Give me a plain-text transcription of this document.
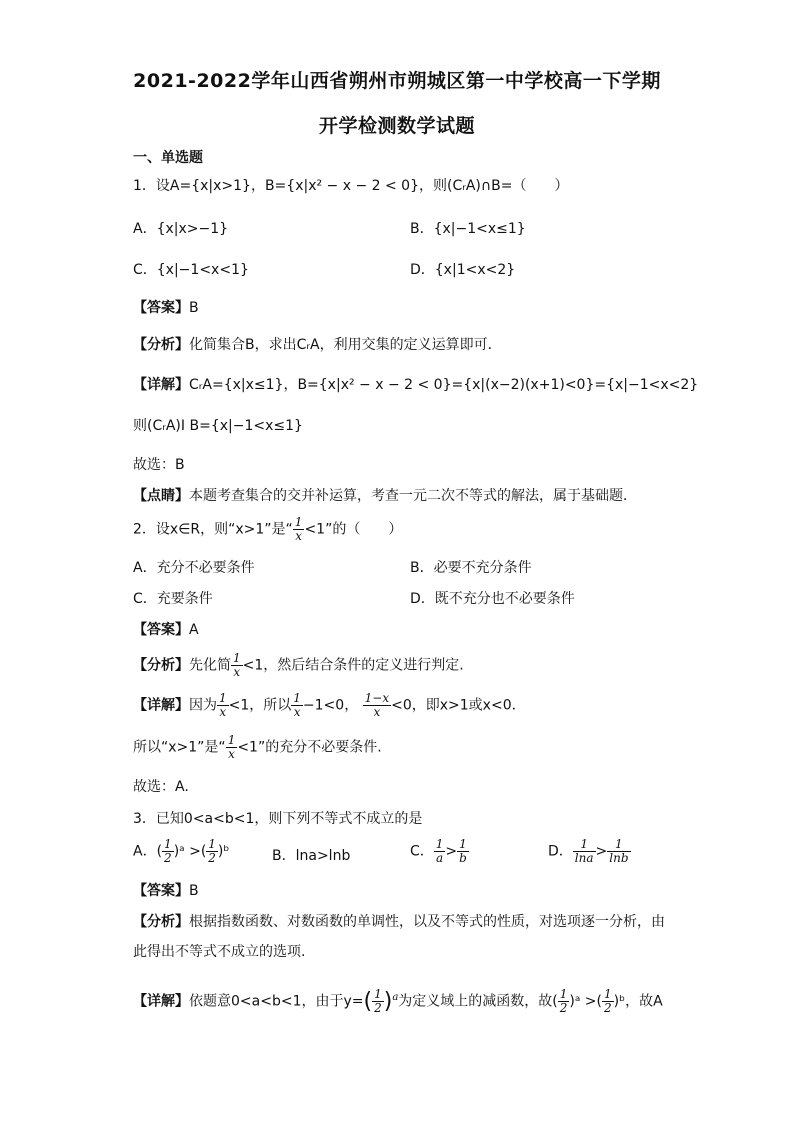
2021-2022学年山西省朔州市朔城区第一中学校高一下学期
开学检测数学试题
一、单选题
1．设A={x|x>1}，B={x|x² − x − 2 < 0}，则(CᵣA)∩B=（　　）
A．{x|x>−1}	B．{x|−1<x≤1}
C．{x|−1<x<1}	D．{x|1<x<2}
【答案】B
【分析】化简集合B，求出CᵣA，利用交集的定义运算即可．
【详解】CᵣA={x|x≤1}，B={x|x² − x − 2 < 0}={x|(x−2)(x+1)<0}={x|−1<x<2}
则(CᵣA)I B={x|−1<x≤1}
故选：B
【点睛】本题考查集合的交并补运算，考查一元二次不等式的解法，属于基础题．
2．设x∈R，则“x>1”是“ $\frac{1}{x} <1$”的（　　）
A．充分不必要条件	B．必要不充分条件
C．充要条件	D．既不充分也不必要条件
【答案】A
【分析】先化简 $\frac{1}{x} <1$，然后结合条件的定义进行判定.
【详解】因为 $\frac{1}{x} <1$，所以 $\frac{1}{x} -1<0$， $\frac{1-x}{x} <0$，即x>1或x<0．
所以“x>1”是“ $\frac{1}{x} <1$”的充分不必要条件.
故选：A.
3．已知0<a<b<1，则下列不等式不成立的是
A．( $\frac{1}{2}$ )ᵃ >( $\frac{1}{2}$ )ᵇ	B．lna>lnb	C． $\frac{1}{a} > \frac{1}{b}$	D． $\frac{1}{\ln a} > \frac{1}{\ln b}$
【答案】B
【分析】根据指数函数、对数函数的单调性，以及不等式的性质，对选项逐一分析，由
此得出不等式不成立的选项.
【详解】依题意0<a<b<1，由于$y=( \frac{1}{2} )^a$为定义域上的减函数，故( $\frac{1}{2}$ )ᵃ >( $\frac{1}{2}$ )ᵇ，故A
